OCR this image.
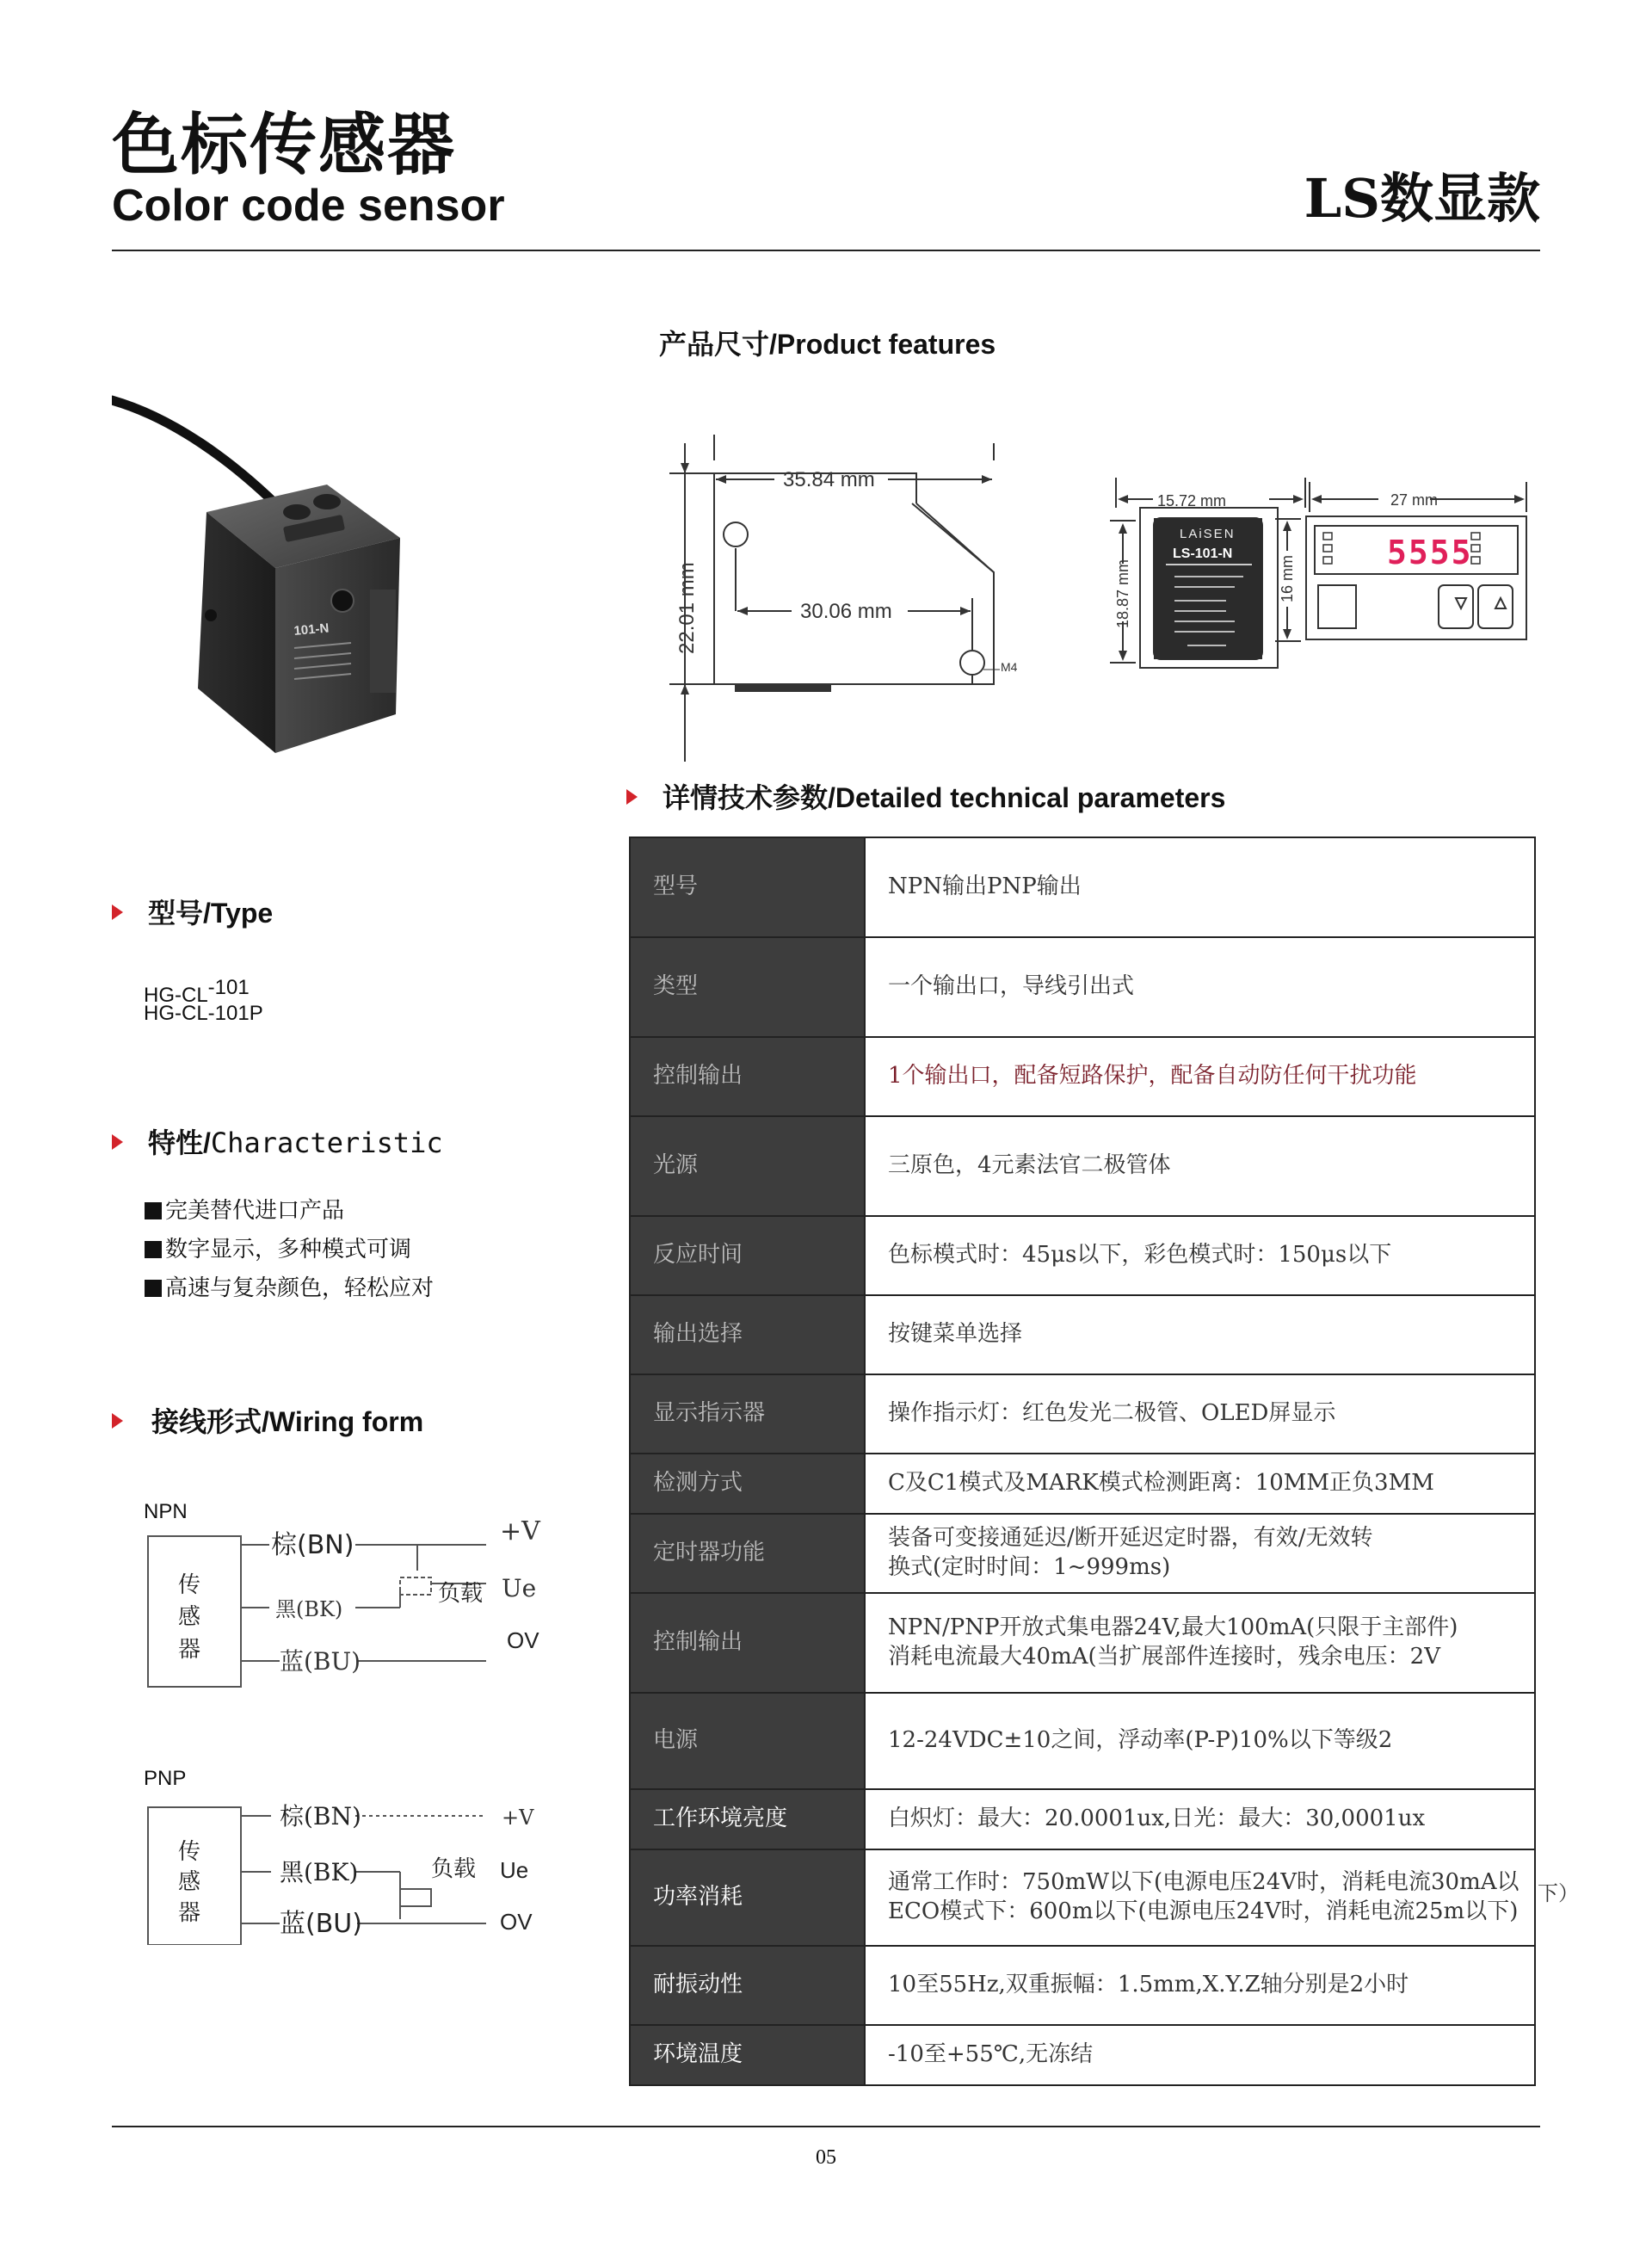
色标传感器
Color code sensor	LS数显款
101-N
产品尺寸/Product features
35.84 mm
30.06 mm
22.01 mm
M4
15.72 mm
18.87 mm
LAiSEN
LS-101-N
27 mm
16 mm
5555
型号/Type
$HG-CL^{-101}$
HG-CL-101P
特性/Characteristic
完美替代进口产品
数字显示，多种模式可调
高速与复杂颜色，轻松应对
接线形式/Wiring form
NPN
传
感
器
棕(BN)
黑(BK)
蓝(BU)
负载
+V
Ue
OV
PNP
传
感
器
棕(BN)
黑(BK)
蓝(BU)
负载
+V
Ue
OV
详情技术参数/Detailed technical parameters
型号	NPN输出PNP输出

类型	一个输出口，导线引出式

控制输出	1个输出口，配备短路保护，配备自动防任何干扰功能

光源	三原色，4元素法官二极管体

反应时间	色标模式时：45μs以下，彩色模式时：150μs以下

输出选择	按键菜单选择

显示指示器	操作指示灯：红色发光二极管、OLED屏显示

检测方式	C及C1模式及MARK模式检测距离：10MM正负3MM

定时器功能	装备可变接通延迟/断开延迟定时器，有效/无效转
换式(定时时间：1~999ms)

控制输出	NPN/PNP开放式集电器24V,最大100mA(只限于主部件)
消耗电流最大40mA(当扩展部件连接时，残余电压：2V

电源	12-24VDC±10之间，浮动率(P-P)10%以下等级2

工作环境亮度	白炽灯：最大：20.0001ux,日光：最大：30,0001ux

功率消耗	通常工作时：750mW以下(电源电压24V时，消耗电流30mA以
ECO模式下：600m以下(电源电压24V时，消耗电流25m以下)

耐振动性	10至55Hz,双重振幅：1.5mm,X.Y.Z轴分别是2小时

环境温度	-10至+55℃,无冻结
下）
05
